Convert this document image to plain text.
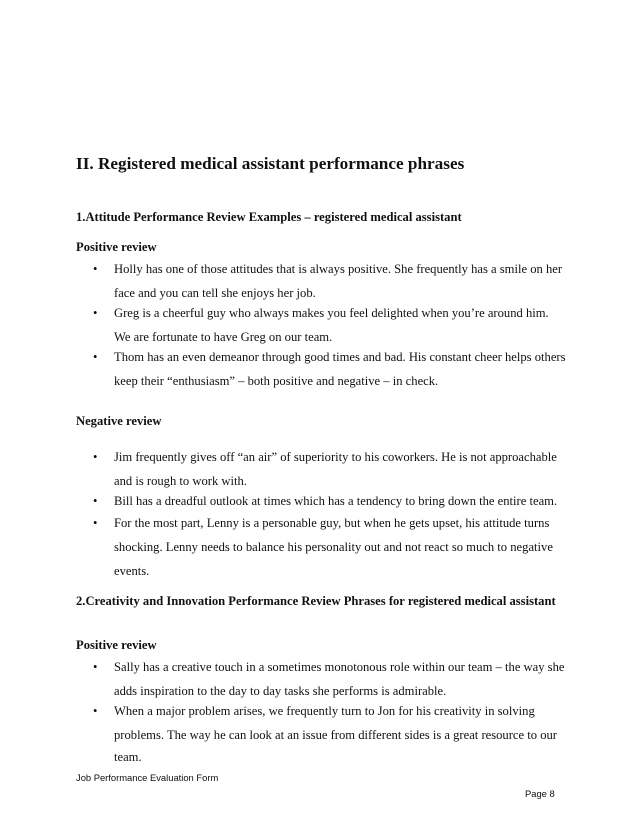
II. Registered medical assistant performance phrases
1.Attitude Performance Review Examples – registered medical assistant
Positive review
• Holly has one of those attitudes that is always positive. She frequently has a smile on her
face and you can tell she enjoys her job.
• Greg is a cheerful guy who always makes you feel delighted when you’re around him.
We are fortunate to have Greg on our team.
• Thom has an even demeanor through good times and bad. His constant cheer helps others
keep their “enthusiasm” – both positive and negative – in check.
Negative review
• Jim frequently gives off “an air” of superiority to his coworkers. He is not approachable
and is rough to work with.
• Bill has a dreadful outlook at times which has a tendency to bring down the entire team.
• For the most part, Lenny is a personable guy, but when he gets upset, his attitude turns
shocking. Lenny needs to balance his personality out and not react so much to negative
events.
2.Creativity and Innovation Performance Review Phrases for registered medical assistant
Positive review
• Sally has a creative touch in a sometimes monotonous role within our team – the way she
adds inspiration to the day to day tasks she performs is admirable.
• When a major problem arises, we frequently turn to Jon for his creativity in solving
problems. The way he can look at an issue from different sides is a great resource to our
team.
Job Performance Evaluation Form
Page 8
